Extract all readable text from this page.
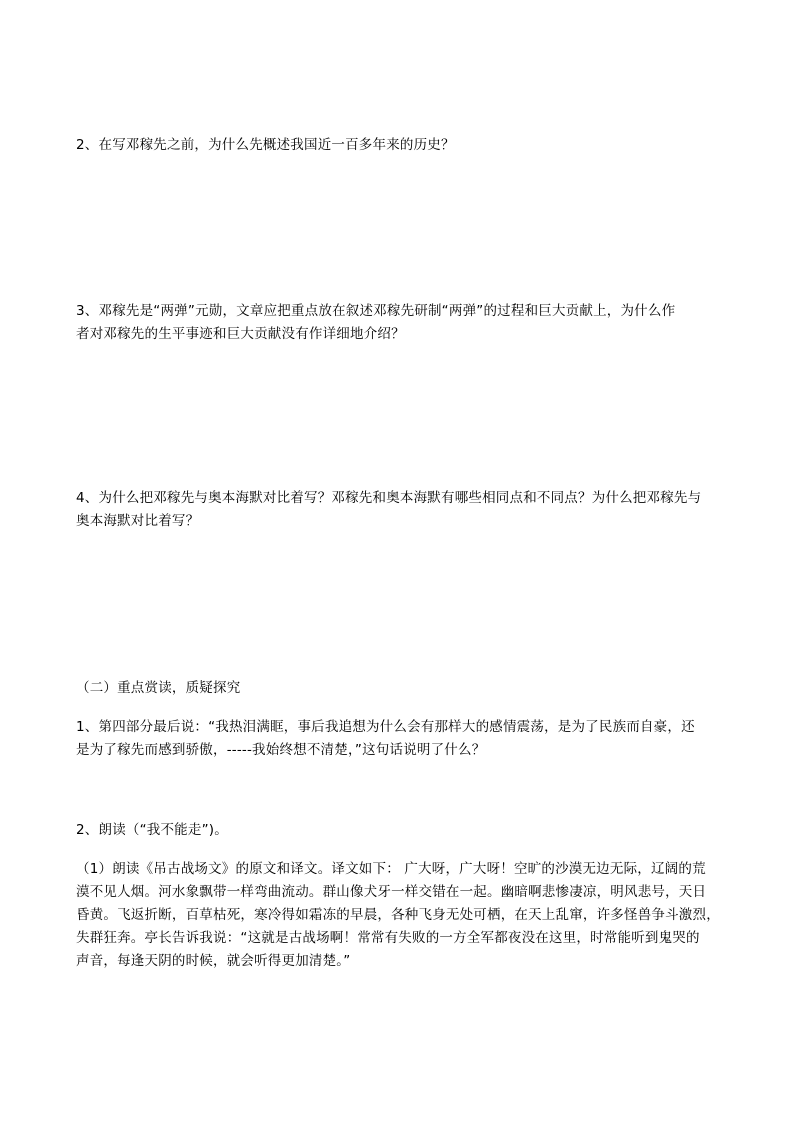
2、在写邓稼先之前，为什么先概述我国近一百多年来的历史？
3、邓稼先是“两弹”元勋，文章应把重点放在叙述邓稼先研制“两弹”的过程和巨大贡献上，为什么作
者对邓稼先的生平事迹和巨大贡献没有作详细地介绍？
4、为什么把邓稼先与奥本海默对比着写？邓稼先和奥本海默有哪些相同点和不同点？为什么把邓稼先与
奥本海默对比着写？
（二）重点赏读，质疑探究
1、第四部分最后说：“我热泪满眶，事后我追想为什么会有那样大的感情震荡，是为了民族而自豪，还
是为了稼先而感到骄傲，-----我始终想不清楚，”这句话说明了什么？
2、朗读（“我不能走”)。
（1）朗读《吊古战场文》的原文和译文。译文如下： 广大呀，广大呀！空旷的沙漠无边无际，辽阔的荒
漠不见人烟。河水象飘带一样弯曲流动。群山像犬牙一样交错在一起。幽暗啊悲惨凄凉，明风悲号，天日
昏黄。飞返折断，百草枯死，寒冷得如霜冻的早晨，各种飞身无处可栖，在天上乱窜，许多怪兽争斗激烈，
失群狂奔。亭长告诉我说：“这就是古战场啊！常常有失败的一方全军都夜没在这里，时常能听到鬼哭的
声音，每逢天阴的时候，就会听得更加清楚。”
